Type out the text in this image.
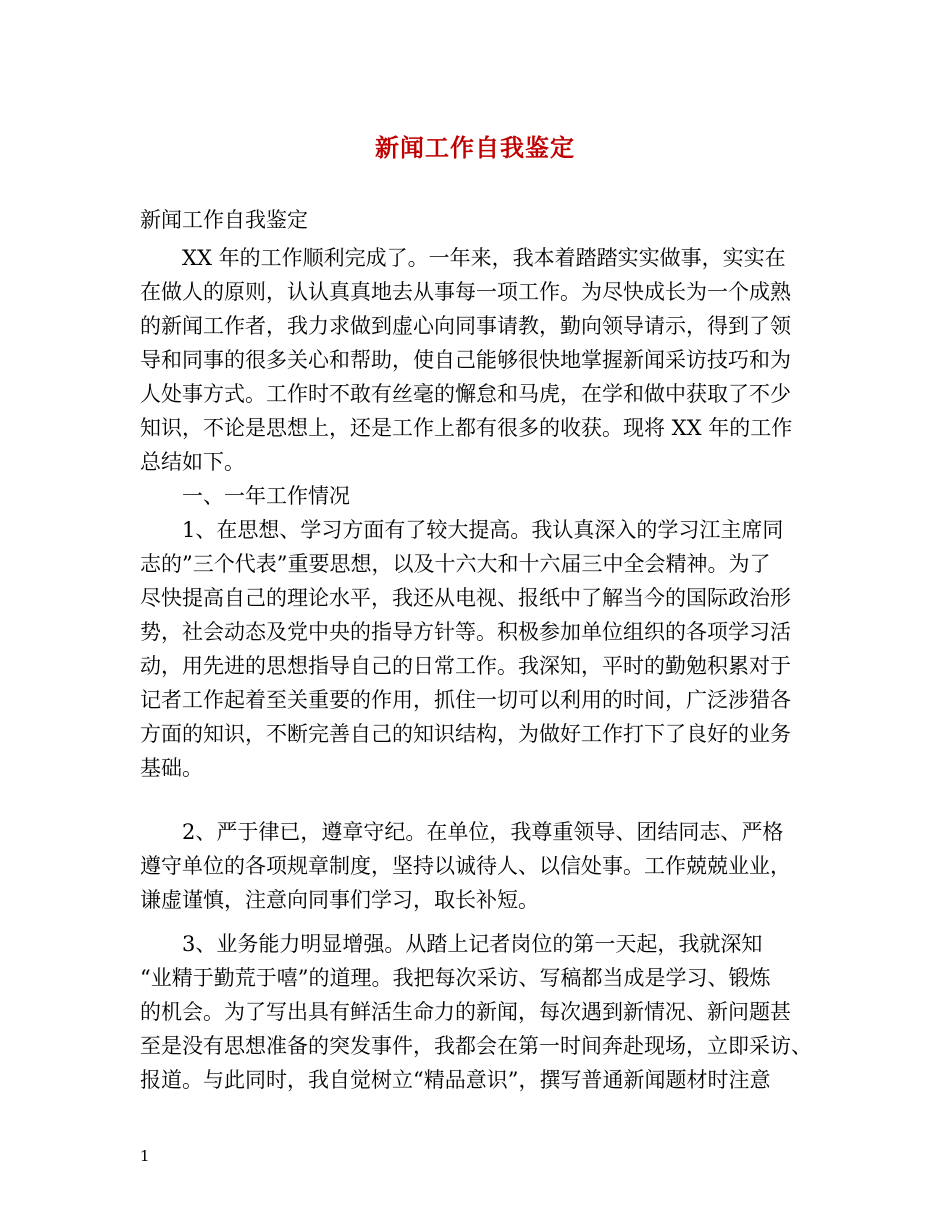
新闻工作自我鉴定
新闻工作自我鉴定
　　XX 年的工作顺利完成了。一年来，我本着踏踏实实做事，实实在
在做人的原则，认认真真地去从事每一项工作。为尽快成长为一个成熟
的新闻工作者，我力求做到虚心向同事请教，勤向领导请示，得到了领
导和同事的很多关心和帮助，使自己能够很快地掌握新闻采访技巧和为
人处事方式。工作时不敢有丝毫的懈怠和马虎，在学和做中获取了不少
知识，不论是思想上，还是工作上都有很多的收获。现将 XX 年的工作
总结如下。
　　一、一年工作情况
　　1、在思想、学习方面有了较大提高。我认真深入的学习江主席同
志的”三个代表”重要思想，以及十六大和十六届三中全会精神。为了
尽快提高自己的理论水平，我还从电视、报纸中了解当今的国际政治形
势，社会动态及党中央的指导方针等。积极参加单位组织的各项学习活
动，用先进的思想指导自己的日常工作。我深知，平时的勤勉积累对于
记者工作起着至关重要的作用，抓住一切可以利用的时间，广泛涉猎各
方面的知识，不断完善自己的知识结构，为做好工作打下了良好的业务
基础。
　　2、严于律已，遵章守纪。在单位，我尊重领导、团结同志、严格
遵守单位的各项规章制度，坚持以诚待人、以信处事。工作兢兢业业，
谦虚谨慎，注意向同事们学习，取长补短。
　　3、业务能力明显增强。从踏上记者岗位的第一天起，我就深知
“业精于勤荒于嘻”的道理。我把每次采访、写稿都当成是学习、锻炼
的机会。为了写出具有鲜活生命力的新闻，每次遇到新情况、新问题甚
至是没有思想准备的突发事件，我都会在第一时间奔赴现场，立即采访、
报道。与此同时，我自觉树立“精品意识”，撰写普通新闻题材时注意
1
